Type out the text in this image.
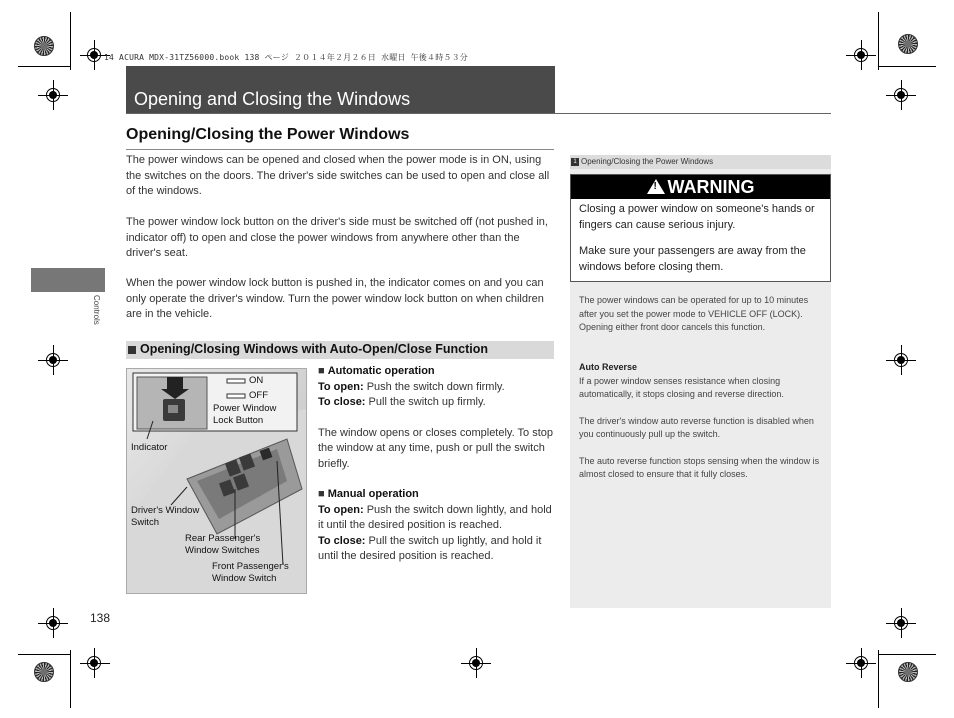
14 ACURA MDX-31TZ56000.book 138 ページ ２０１４年２月２６日 水曜日 午後４時５３分
Opening and Closing the Windows
Controls
Opening/Closing the Power Windows
The power windows can be opened and closed when the power mode is in ON, using the switches on the doors. The driver's side switches can be used to open and close all of the windows.
The power window lock button on the driver's side must be switched off (not pushed in, indicator off) to open and close the power windows from anywhere other than the driver's seat.
When the power window lock button is pushed in, the indicator comes on and you can only operate the driver's window. Turn the power window lock button on when children are in the vehicle.
Opening/Closing Windows with Auto-Open/Close Function
ON
OFF
Power Window
Lock Button
Indicator
Driver's Window
Switch
Rear Passenger's
Window Switches
Front Passenger's
Window Switch
■ Automatic operation
To open: Push the switch down firmly.
To close: Pull the switch up firmly.
The window opens or closes completely. To stop the window at any time, push or pull the switch briefly.
■ Manual operation
To open: Push the switch down lightly, and hold it until the desired position is reached.
To close: Pull the switch up lightly, and hold it until the desired position is reached.
1 Opening/Closing the Power Windows
!WARNING
Closing a power window on someone's hands or fingers can cause serious injury.
Make sure your passengers are away from the windows before closing them.
The power windows can be operated for up to 10 minutes after you set the power mode to VEHICLE OFF (LOCK).
Opening either front door cancels this function.
Auto Reverse
If a power window senses resistance when closing automatically, it stops closing and reverse direction.
The driver's window auto reverse function is disabled when you continuously pull up the switch.
The auto reverse function stops sensing when the window is almost closed to ensure that it fully closes.
138
